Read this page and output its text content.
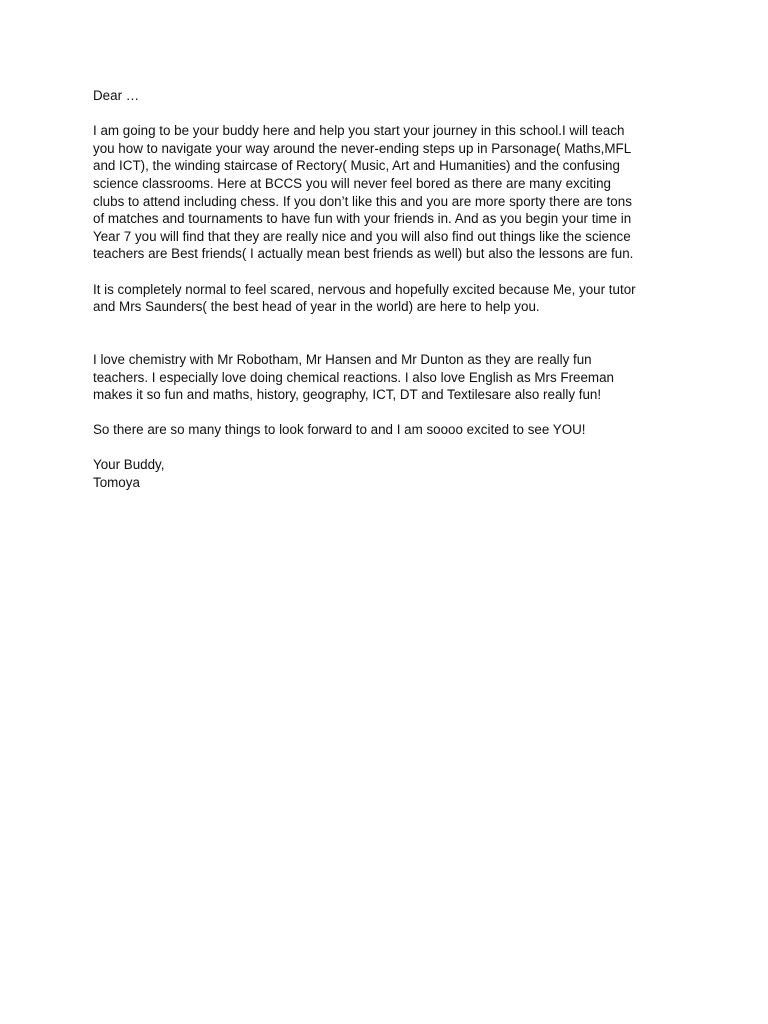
Dear …

I am going to be your buddy here and help you start your journey in this school.I will teach
you how to navigate your way around the never-ending steps up in Parsonage( Maths,MFL
and ICT), the winding staircase of Rectory( Music, Art and Humanities) and the confusing
science classrooms. Here at BCCS you will never feel bored as there are many exciting
clubs to attend including chess. If you don’t like this and you are more sporty there are tons
of matches and tournaments to have fun with your friends in. And as you begin your time in
Year 7 you will find that they are really nice and you will also find out things like the science
teachers are Best friends( I actually mean best friends as well) but also the lessons are fun.

It is completely normal to feel scared, nervous and hopefully excited because Me, your tutor
and Mrs Saunders( the best head of year in the world) are here to help you.

I love chemistry with Mr Robotham, Mr Hansen and Mr Dunton as they are really fun
teachers. I especially love doing chemical reactions. I also love English as Mrs Freeman
makes it so fun and maths, history, geography, ICT, DT and Textilesare also really fun!

So there are so many things to look forward to and I am soooo excited to see YOU!

Your Buddy,

Tomoya
